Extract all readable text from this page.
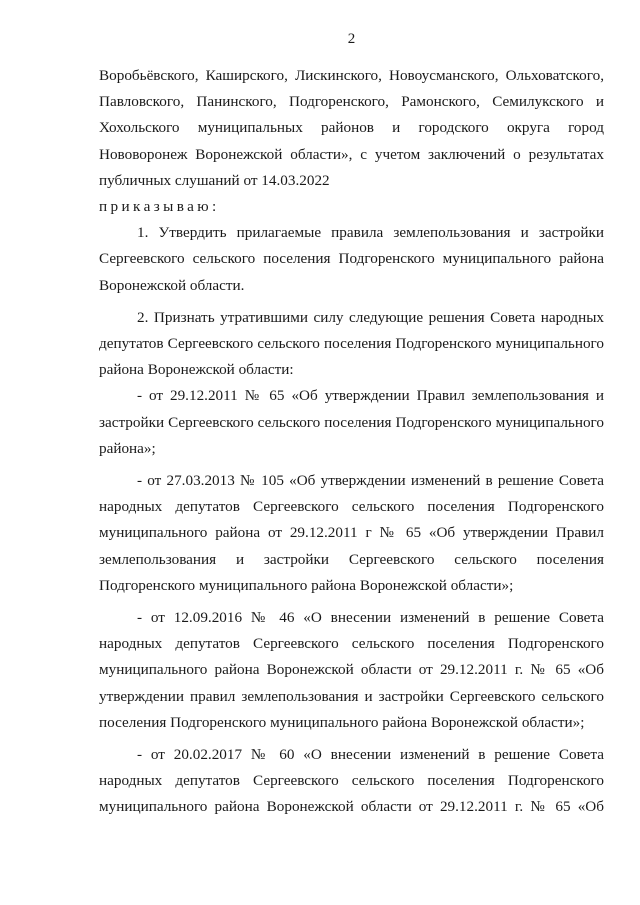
2

Воробьёвского, Каширского, Лискинского, Новоусманского, Ольховатского, Павловского, Панинского, Подгоренского, Рамонского, Семилукского и Хохольского муниципальных районов и городского округа город Нововоронеж Воронежской области», с учетом заключений о результатах публичных слушаний от 14.03.2022

приказываю:

1. Утвердить прилагаемые правила землепользования и застройки Сергеевского сельского поселения Подгоренского муниципального района Воронежской области.

2. Признать утратившими силу следующие решения Совета народных депутатов Сергеевского сельского поселения Подгоренского муниципального района Воронежской области:

- от 29.12.2011 № 65 «Об утверждении Правил землепользования и застройки Сергеевского сельского поселения Подгоренского муниципального района»;

- от 27.03.2013 № 105 «Об утверждении изменений в решение Совета народных депутатов Сергеевского сельского поселения Подгоренского муниципального района от 29.12.2011 г № 65 «Об утверждении Правил землепользования и застройки Сергеевского сельского поселения Подгоренского муниципального района Воронежской области»;

- от 12.09.2016 № 46 «О внесении изменений в решение Совета народных депутатов Сергеевского сельского поселения Подгоренского муниципального района Воронежской области от 29.12.2011 г. № 65 «Об утверждении правил землепользования и застройки Сергеевского сельского поселения Подгоренского муниципального района Воронежской области»;

- от 20.02.2017 № 60 «О внесении изменений в решение Совета народных депутатов Сергеевского сельского поселения Подгоренского муниципального района Воронежской области от 29.12.2011 г. № 65 «Об
